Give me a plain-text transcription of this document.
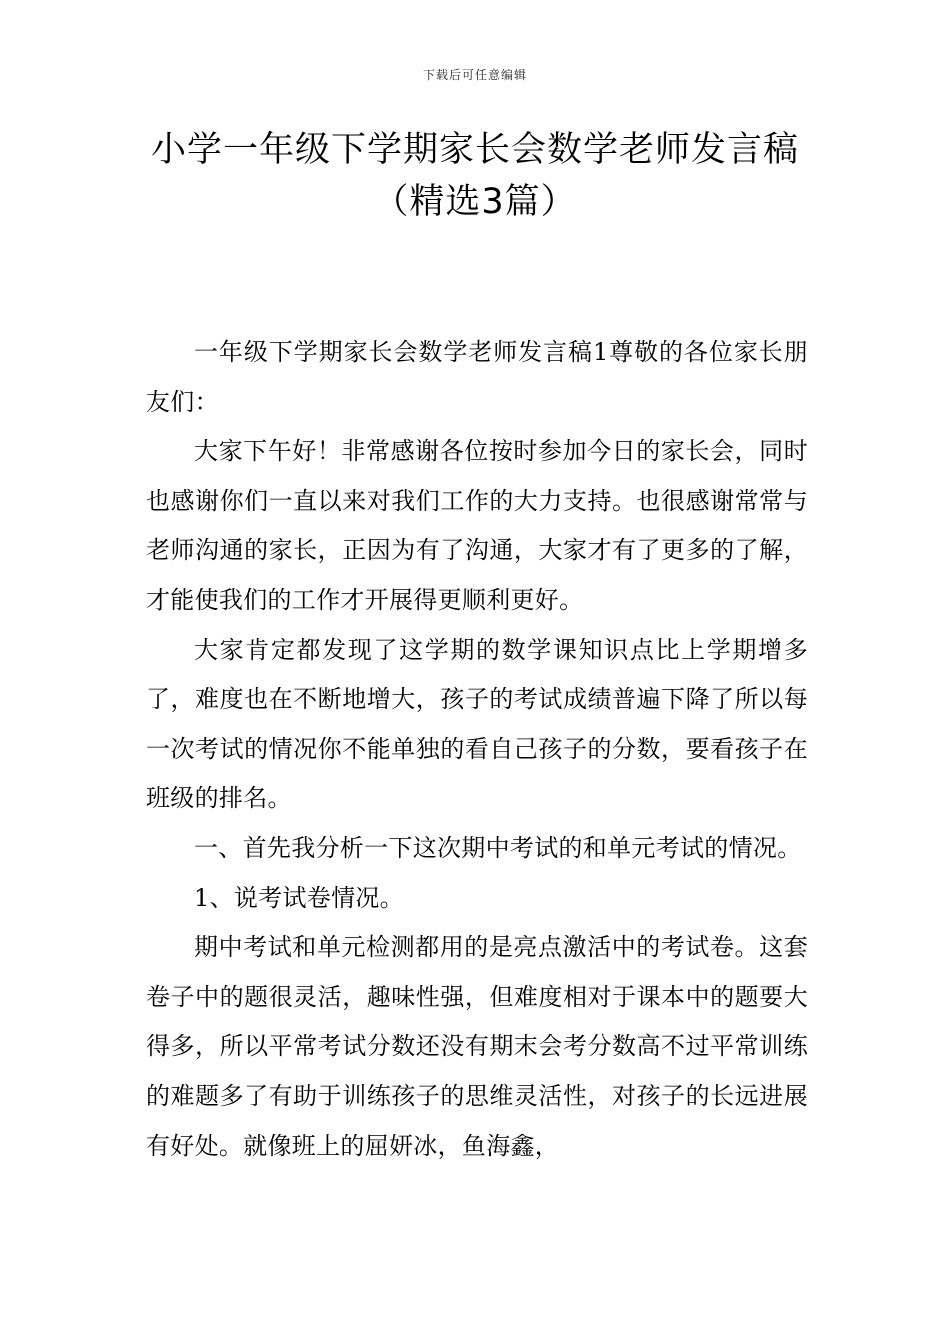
下载后可任意编辑
小学一年级下学期家长会数学老师发言稿
（精选3篇）

一年级下学期家长会数学老师发言稿1尊敬的各位家长朋友们：

大家下午好！非常感谢各位按时参加今日的家长会，同时也感谢你们一直以来对我们工作的大力支持。也很感谢常常与老师沟通的家长，正因为有了沟通，大家才有了更多的了解，才能使我们的工作才开展得更顺利更好。

大家肯定都发现了这学期的数学课知识点比上学期增多了，难度也在不断地增大，孩子的考试成绩普遍下降了所以每一次考试的情况你不能单独的看自己孩子的分数，要看孩子在班级的排名。

一、首先我分析一下这次期中考试的和单元考试的情况。

1、说考试卷情况。

期中考试和单元检测都用的是亮点激活中的考试卷。这套卷子中的题很灵活，趣味性强，但难度相对于课本中的题要大得多，所以平常考试分数还没有期末会考分数高不过平常训练的难题多了有助于训练孩子的思维灵活性，对孩子的长远进展有好处。就像班上的屈妍冰，鱼海鑫，
